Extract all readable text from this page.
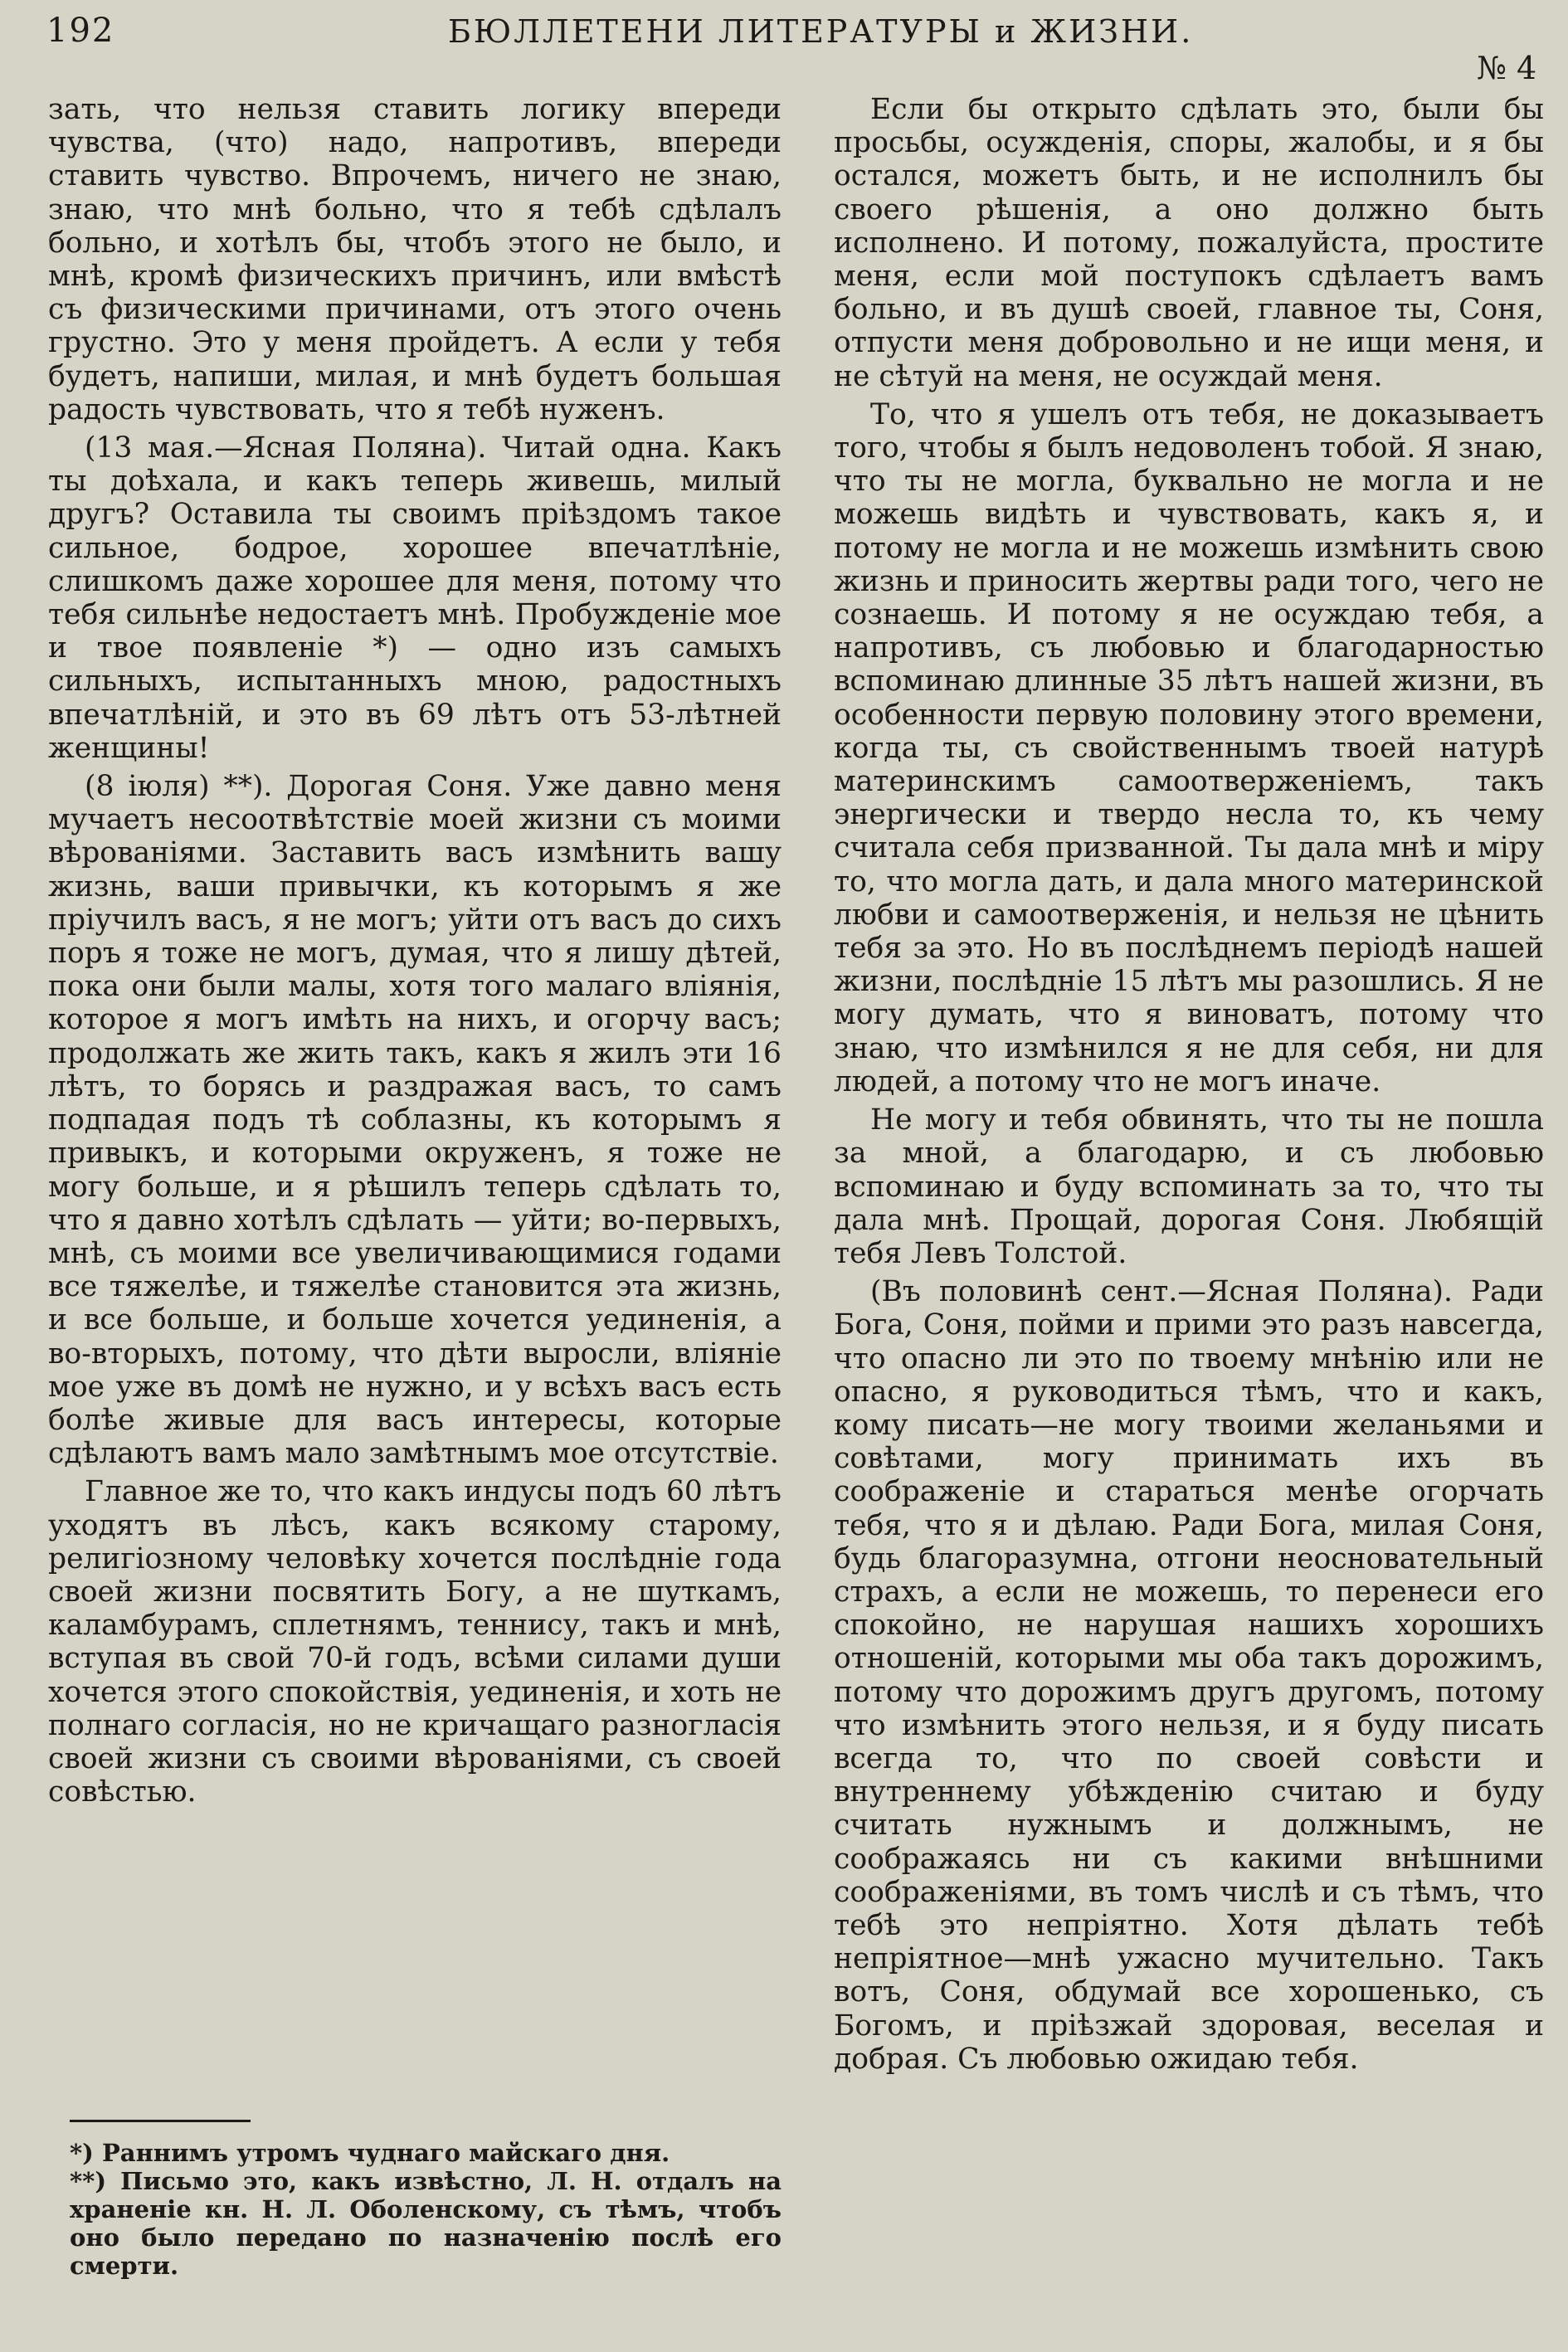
192	БЮЛЛЕТЕНИ ЛИТЕРАТУРЫ и ЖИЗНИ.
№ 4

зать, что нельзя ставить логику впереди чувства, (что) надо, напротивъ, впереди ставить чувство. Впрочемъ, ничего не знаю, знаю, что мнѣ больно, что я тебѣ сдѣлалъ больно, и хотѣлъ бы, чтобъ этого не было, и мнѣ, кромѣ физическихъ причинъ, или вмѣстѣ съ физическими причинами, отъ этого очень грустно. Это у меня пройдетъ. А если у тебя будетъ, напиши, милая, и мнѣ будетъ большая радость чувствовать, что я тебѣ нуженъ.

(13 мая.—Ясная Поляна). Читай одна. Какъ ты доѣхала, и какъ теперь живешь, милый другъ? Оставила ты своимъ пріѣздомъ такое сильное, бодрое, хорошее впечатлѣніе, слишкомъ даже хорошее для меня, потому что тебя сильнѣе недостаетъ мнѣ. Пробужденіе мое и твое появленіе *) — одно изъ самыхъ сильныхъ, испытанныхъ мною, радостныхъ впечатлѣній, и это въ 69 лѣтъ отъ 53-лѣтней женщины!

(8 іюля) **). Дорогая Соня. Уже давно меня мучаетъ несоотвѣтствіе моей жизни съ моими вѣрованіями. Заставить васъ измѣнить вашу жизнь, ваши привычки, къ которымъ я же пріучилъ васъ, я не могъ; уйти отъ васъ до сихъ поръ я тоже не могъ, думая, что я лишу дѣтей, пока они были малы, хотя того малаго вліянія, которое я могъ имѣть на нихъ, и огорчу васъ; продолжать же жить такъ, какъ я жилъ эти 16 лѣтъ, то борясь и раздражая васъ, то самъ подпадая подъ тѣ соблазны, къ которымъ я привыкъ, и которыми окруженъ, я тоже не могу больше, и я рѣшилъ теперь сдѣлать то, что я давно хотѣлъ сдѣлать — уйти; во-первыхъ, мнѣ, съ моими все увеличивающимися годами все тяжелѣе, и тяжелѣе становится эта жизнь, и все больше, и больше хочется уединенія, а во-вторыхъ, потому, что дѣти выросли, вліяніе мое уже въ домѣ не нужно, и у всѣхъ васъ есть болѣе живые для васъ интересы, которые сдѣлаютъ вамъ мало замѣтнымъ мое отсутствіе.

Главное же то, что какъ индусы подъ 60 лѣтъ уходятъ въ лѣсъ, какъ всякому старому, религіозному человѣку хочется послѣдніе года своей жизни посвятить Богу, а не шуткамъ, каламбурамъ, сплетнямъ, теннису, такъ и мнѣ, вступая въ свой 70-й годъ, всѣми силами души хочется этого спокойствія, уединенія, и хоть не полнаго согласія, но не кричащаго разногласія своей жизни съ своими вѣрованіями, съ своей совѣстью.

*) Раннимъ утромъ чуднаго майскаго дня.

**) Письмо это, какъ извѣстно, Л. Н. отдалъ на храненіе кн. Н. Л. Оболенскому, съ тѣмъ, чтобъ оно было передано по назначенію послѣ его смерти.

Если бы открыто сдѣлать это, были бы просьбы, осужденія, споры, жалобы, и я бы остался, можетъ быть, и не исполнилъ бы своего рѣшенія, а оно должно быть исполнено. И потому, пожалуйста, простите меня, если мой поступокъ сдѣлаетъ вамъ больно, и въ душѣ своей, главное ты, Соня, отпусти меня добровольно и не ищи меня, и не сѣтуй на меня, не осуждай меня.

То, что я ушелъ отъ тебя, не доказываетъ того, чтобы я былъ недоволенъ тобой. Я знаю, что ты не могла, буквально не могла и не можешь видѣть и чувствовать, какъ я, и потому не могла и не можешь измѣнить свою жизнь и приносить жертвы ради того, чего не сознаешь. И потому я не осуждаю тебя, а напротивъ, съ любовью и благодарностью вспоминаю длинные 35 лѣтъ нашей жизни, въ особенности первую половину этого времени, когда ты, съ свойственнымъ твоей натурѣ материнскимъ самоотверженіемъ, такъ энергически и твердо несла то, къ чему считала себя призванной. Ты дала мнѣ и міру то, что могла дать, и дала много материнской любви и самоотверженія, и нельзя не цѣнить тебя за это. Но въ послѣднемъ періодѣ нашей жизни, послѣдніе 15 лѣтъ мы разошлись. Я не могу думать, что я виноватъ, потому что знаю, что измѣнился я не для себя, ни для людей, а потому что не могъ иначе.

Не могу и тебя обвинять, что ты не пошла за мной, а благодарю, и съ любовью вспоминаю и буду вспоминать за то, что ты дала мнѣ. Прощай, дорогая Соня. Любящій тебя Левъ Толстой.

(Въ половинѣ сент.—Ясная Поляна). Ради Бога, Соня, пойми и прими это разъ навсегда, что опасно ли это по твоему мнѣнію или не опасно, я руководиться тѣмъ, что и какъ, кому писать—не могу твоими желаньями и совѣтами, могу принимать ихъ въ соображеніе и стараться менѣе огорчать тебя, что я и дѣлаю. Ради Бога, милая Соня, будь благоразумна, отгони неосновательный страхъ, а если не можешь, то перенеси его спокойно, не нарушая нашихъ хорошихъ отношеній, которыми мы оба такъ дорожимъ, потому что дорожимъ другъ другомъ, потому что измѣнить этого нельзя, и я буду писать всегда то, что по своей совѣсти и внутреннему убѣжденію считаю и буду считать нужнымъ и должнымъ, не соображаясь ни съ какими внѣшними соображеніями, въ томъ числѣ и съ тѣмъ, что тебѣ это непріятно. Хотя дѣлать тебѣ непріятное—мнѣ ужасно мучительно. Такъ вотъ, Соня, обдумай все хорошенько, съ Богомъ, и пріѣзжай здоровая, веселая и добрая. Съ любовью ожидаю тебя.
